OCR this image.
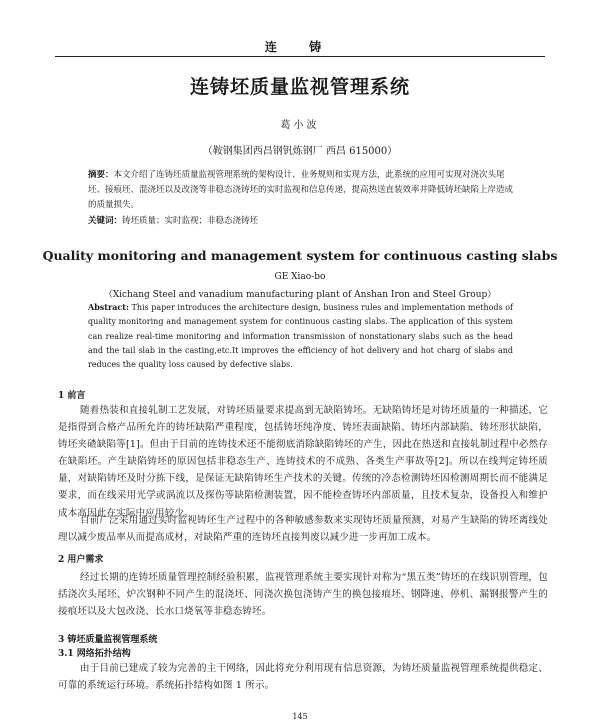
连 铸
连铸坯质量监视管理系统
葛小波
（鞍钢集团西昌钢钒炼钢厂 西昌 615000）
摘要：本文介绍了连铸坯质量监视管理系统的架构设计、业务规则和实现方法，此系统的应用可实现对浇次头尾坯、接痕坯、混浇坯以及改浇等非稳态浇铸坯的实时监视和信息传递，提高热送直装效率并降低铸坯缺陷上岸造成的质量损失。
关键词：铸坯质量；实时监视；非稳态浇铸坯
Quality monitoring and management system for continuous casting slabs
GE Xiao-bo
（Xichang Steel and vanadium manufacturing plant of Anshan Iron and Steel Group）
Abstract: This paper introduces the architecture design, business rules and implementation methods of quality monitoring and management system for continuous casting slabs. The application of this system can realize real-time monitoring and information transmission of nonstationary slabs such as the head and the tail slab in the casting,etc.It improves the efficiency of hot delivery and hot charg of slabs and reduces the quality loss caused by defective slabs.
1 前言
随着热装和直接轧制工艺发展，对铸坯质量要求提高到无缺陷铸坯。无缺陷铸坯是对铸坯质量的一种描述，它是指得到合格产品所允许的铸坯缺陷严重程度，包括铸坯纯净度、铸坯表面缺陷、铸坯内部缺陷、铸坯形状缺陷，铸坯夹碴缺陷等[1]。但由于目前的连铸技术还不能彻底消除缺陷铸坯的产生，因此在热送和直接轧制过程中必然存在缺陷坯。产生缺陷铸坯的原因包括非稳态生产、连铸技术的不成熟、各类生产事故等[2]。所以在线判定铸坯质量，对缺陷铸坯及时分拣下线，是保证无缺陷铸坯生产技术的关键。传统的冷态检测铸坯因检测周期长而不能满足要求，而在线采用光学或涡流以及探伤等缺陷检测装置，因不能检查铸坯内部质量，且技术复杂，设备投入和维护成本高因此在实际中应用较少。
目前广泛采用通过实时监视铸坯生产过程中的各种敏感参数来实现铸坯质量预测，对易产生缺陷的铸坯离线处理以减少废品率从而提高成材，对缺陷严重的连铸坯直接判废以减少进一步再加工成本。
2 用户需求
经过长期的连铸坯质量管理控制经验积累，监视管理系统主要实现针对称为“黑五类”铸坯的在线识别管理，包括浇次头尾坯、炉次钢种不同产生的混浇坯、同浇次换包浇铸产生的换包接痕坯、钢降速、停机、漏钢报警产生的接痕坯以及大包改浇、长水口烧氧等非稳态铸坯。
3 铸坯质量监视管理系统
3.1 网络拓扑结构
由于目前已建成了较为完善的主干网络，因此将充分利用现有信息资源，为铸坯质量监视管理系统提供稳定、可靠的系统运行环境。系统拓扑结构如图 1 所示。
145
